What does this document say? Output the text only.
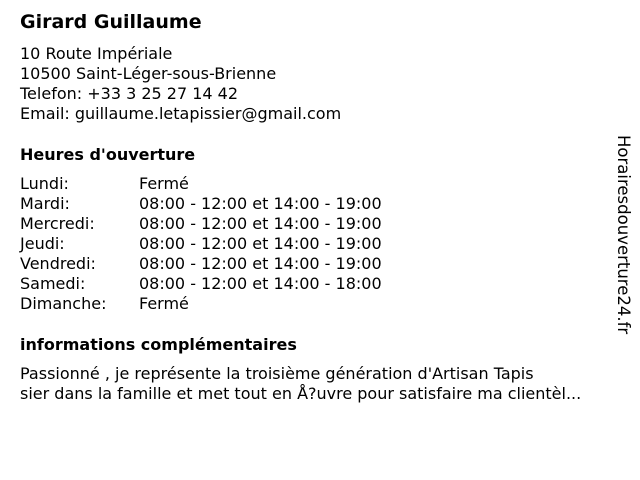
Girard Guillaume
10 Route Impériale
10500 Saint-Léger-sous-Brienne
Telefon: +33 3 25 27 14 42
Email: guillaume.letapissier@gmail.com
Heures d'ouverture
Lundi:	Fermé
Mardi:	08:00 - 12:00 et 14:00 - 19:00
Mercredi:	08:00 - 12:00 et 14:00 - 19:00
Jeudi:	08:00 - 12:00 et 14:00 - 19:00
Vendredi:	08:00 - 12:00 et 14:00 - 19:00
Samedi:	08:00 - 12:00 et 14:00 - 18:00
Dimanche: Fermé
informations complémentaires
Passionné , je représente la troisième génération d'Artisan Tapis
sier dans la famille et met tout en Å?uvre pour satisfaire ma clientèl...
Horairesdouverture24.fr
